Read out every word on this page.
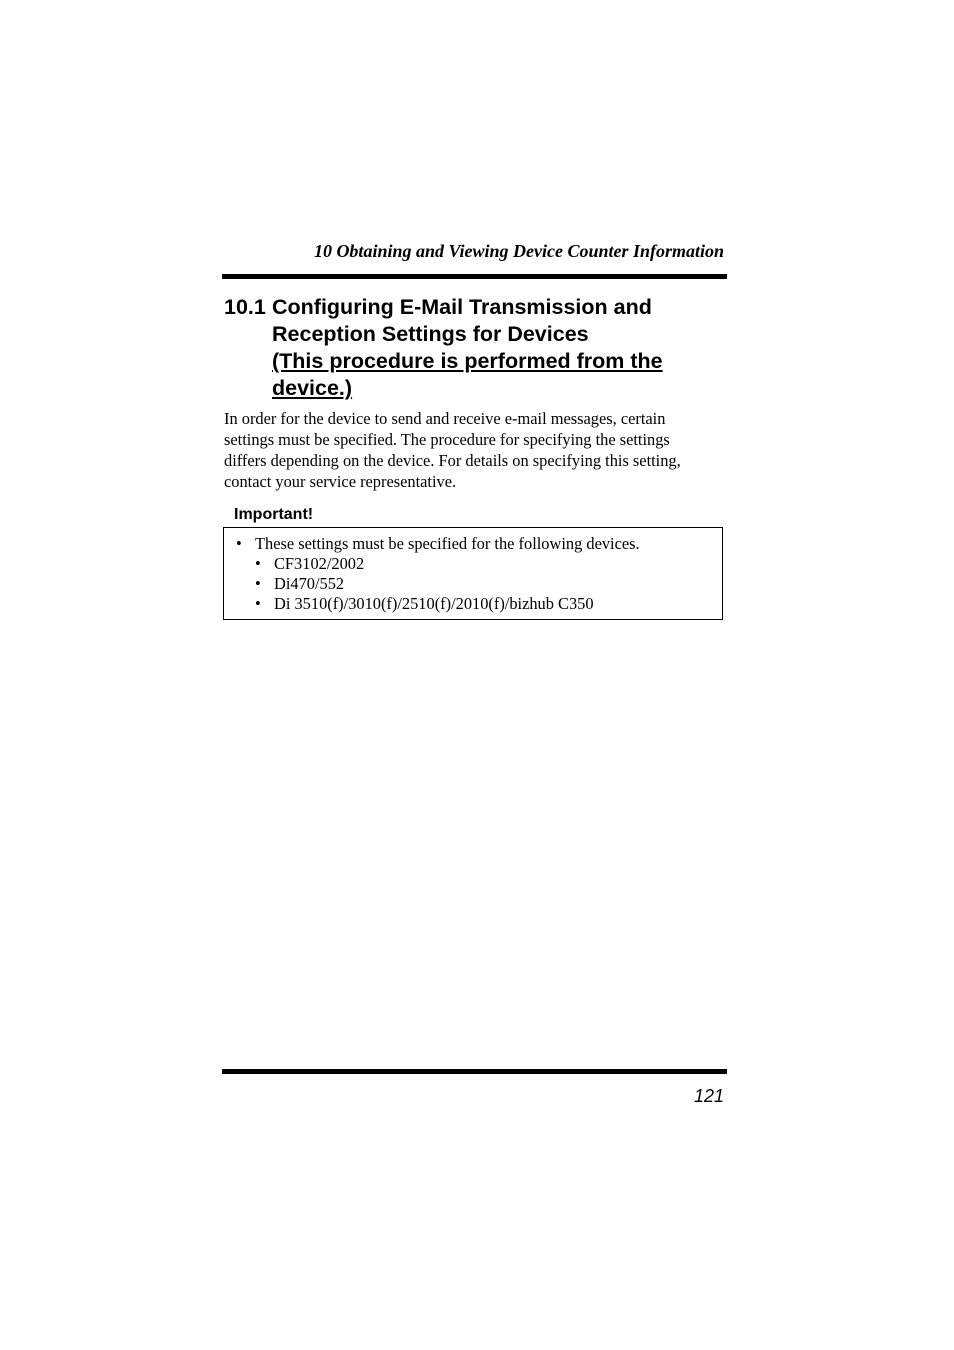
10 Obtaining and Viewing Device Counter Information
10.1 Configuring E-Mail Transmission and
Reception Settings for Devices
(This procedure is performed from the
device.)
In order for the device to send and receive e-mail messages, certain
settings must be specified. The procedure for specifying the settings
differs depending on the device. For details on specifying this setting,
contact your service representative.
Important!
• These settings must be specified for the following devices.
• CF3102/2002
• Di470/552
• Di 3510(f)/3010(f)/2510(f)/2010(f)/bizhub C350
121
